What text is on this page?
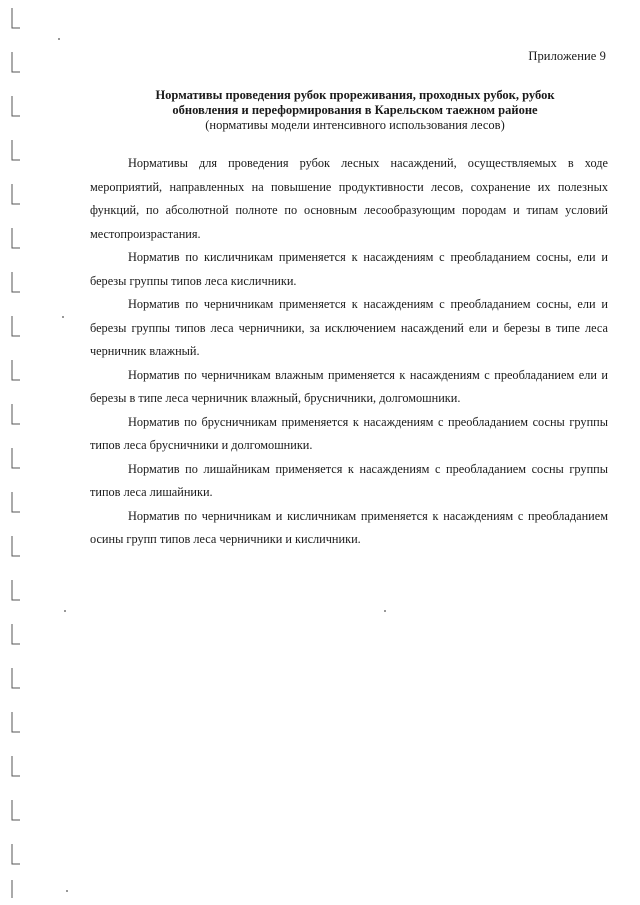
Приложение 9
Нормативы проведения рубок прореживания, проходных рубок, рубок
обновления и переформирования в Карельском таежном районе
(нормативы модели интенсивного использования лесов)

Нормативы для проведения рубок лесных насаждений, осуществляемых в ходе мероприятий, направленных на повышение продуктивности лесов, сохранение их полезных функций, по абсолютной полноте по основным лесообразующим породам и типам условий местопроизрастания.

Норматив по кисличникам применяется к насаждениям с преобладанием сосны, ели и березы группы типов леса кисличники.

Норматив по черничникам применяется к насаждениям с преобладанием сосны, ели и березы группы типов леса черничники, за исключением насаждений ели и березы в типе леса черничник влажный.

Норматив по черничникам влажным применяется к насаждениям с преобладанием ели и березы в типе леса черничник влажный, брусничники, долгомошники.

Норматив по брусничникам применяется к насаждениям с преобладанием сосны группы типов леса брусничники и долгомошники.

Норматив по лишайникам применяется к насаждениям с преобладанием сосны группы типов леса лишайники.

Норматив по черничникам и кисличникам применяется к насаждениям с преобладанием осины групп типов леса черничники и кисличники.
